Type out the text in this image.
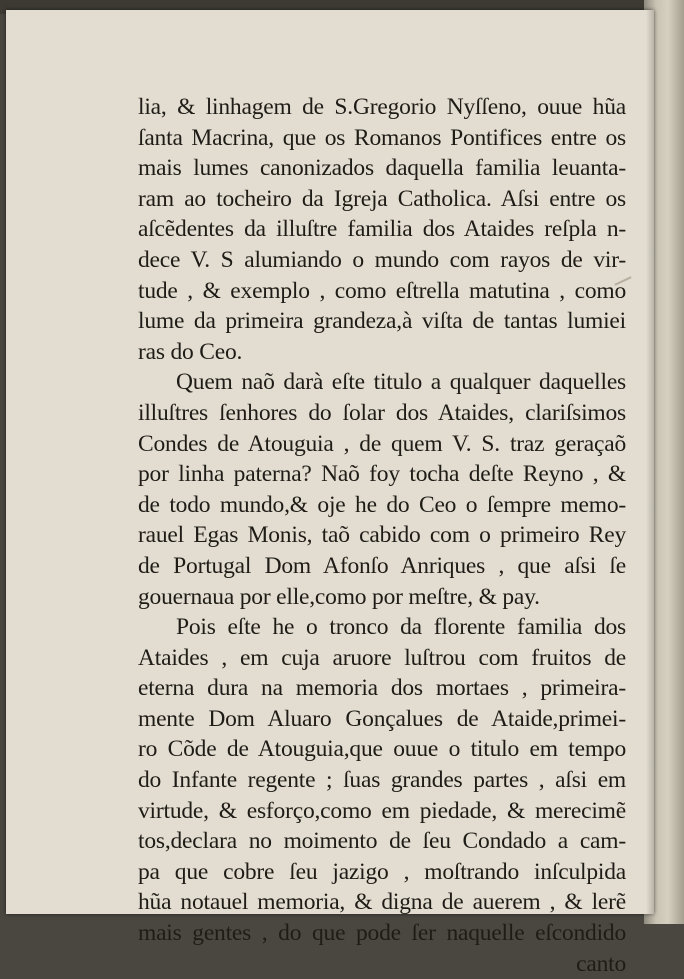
lia, & linhagem de S.Gregorio Nyſſeno, ouue hũa
ſanta Macrina, que os Romanos Pontifices entre os
mais lumes canonizados daquella familia leuanta-
ram ao tocheiro da Igreja Catholica. Aſsi entre os
aſcẽdentes da illuſtre familia dos Ataides reſpla n-
dece V. S alumiando o mundo com rayos de vir-
tude , & exemplo , como eſtrella matutina , como
lume da primeira grandeza,à viſta de tantas lumiei
ras do Ceo.
Quem naõ darà eſte titulo a qualquer daquelles
illuſtres ſenhores do ſolar dos Ataides, clariſsimos
Condes de Atouguia , de quem V. S. traz geraçaõ
por linha paterna? Naõ foy tocha deſte Reyno , &
de todo mundo,& oje he do Ceo o ſempre memo-
rauel Egas Monis, taõ cabido com o primeiro Rey
de Portugal Dom Afonſo Anriques , que aſsi ſe
gouernaua por elle,como por meſtre, & pay.
Pois eſte he o tronco da florente familia dos
Ataides , em cuja aruore luſtrou com fruitos de
eterna dura na memoria dos mortaes , primeira-
mente Dom Aluaro Gonçalues de Ataide,primei-
ro Cõde de Atouguia,que ouue o titulo em tempo
do Infante regente ; ſuas grandes partes , aſsi em
virtude, & esforço,como em piedade, & merecimẽ
tos,declara no moimento de ſeu Condado a cam-
pa que cobre ſeu jazigo , moſtrando inſculpida
hũa notauel memoria, & digna de auerem , & lerẽ
mais gentes , do que pode ſer naquelle eſcondido
canto
